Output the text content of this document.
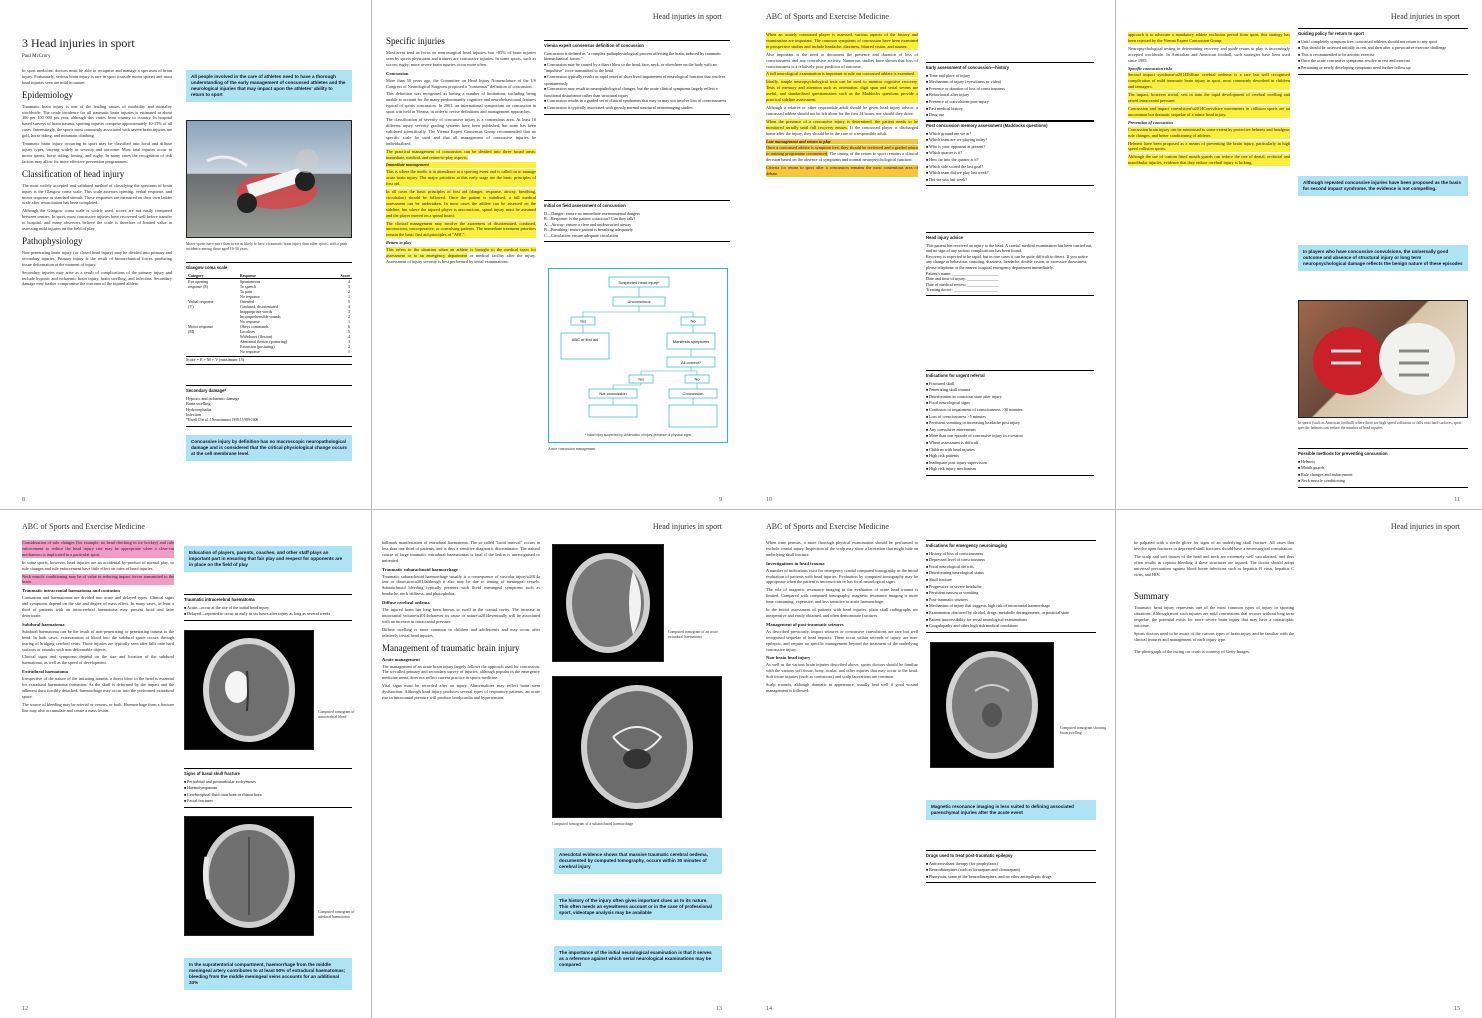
3 Head injuries in sport
Paul McCrory

In sport medicine, doctors must be able to recognise and manage a spectrum of brain injury. Fortunately, serious brain injury is rare in sport (outside motor sports) and most head injuries seen are mild in nature.

Epidemiology

Traumatic brain injury is one of the leading causes of morbidity and mortality worldwide. The crude incidence for all traumatic brain injuries is estimated at about 300 per 100 000 per year, although this varies from country to country. In hospital based surveys of brain trauma, sporting injuries comprise approximately 10-15% of all cases. Interestingly, the sports most commonly associated with severe brain injuries are golf, horse riding, and mountain climbing.

Traumatic brain injury occurring in sport may be classified into focal and diffuse injury types, varying widely in severity and outcome. Most fatal injuries occur in motor sports, horse riding, boxing, and rugby. In many cases the recognition of risk factors may allow for more effective prevention programmes.

Classification of head injury

The most widely accepted and validated method of classifying the spectrum of brain injury is the Glasgow coma scale. This scale assesses opening, verbal response, and motor response as standard stimuli. These responses are measured on their own ladder scale after resuscitation has been completed.

Although the Glasgow coma scale is widely used, scores are not easily compared between centres. In sport, most concussive injuries have recovered well before transfer to hospital, and many observers believe the scale is therefore of limited value in assessing mild injuries on the field of play.

Pathophysiology

Non-penetrating brain injury (or closed head injury) may be divided into primary and secondary injuries. Primary injury is the result of biomechanical forces producing tissue deformation at the moment of injury.

Secondary injuries may arise as a result of complications of the primary injury and include hypoxic and ischaemic brain injury, brain swelling, and infection. Secondary damage may further compromise the outcome of the injured athlete.

All people involved in the care of athletes need to have a thorough understanding of the early management of concussed athletes and the neurological injuries that may impact upon the athletes' ability to return to sport
Motor sports have more than twice as likely to have a traumatic brain injury than other sports, with a peak incidence among those aged 16-30 years.
Glasgow coma scale
Category	Response	Score
Eye opening	Spontaneous	4
response (E)	To speech	3
	To pain	2
	No response	1
Verbal response	Oriented	5
(V)	Confused, disorientated	4
	Inappropriate words	3
	Incomprehensible sounds	2
	No response	1
Motor response	Obeys commands	6
(M)	Localises	5
	Withdraws (flexion)	4
	Abnormal flexion (posturing)	3
	Extension (posturing)	2
	No response	1
Score = E + M + V (maximum 15)
Secondary damage*
Hypoxic and ischaemic damage
Brain swelling
Hydrocephalus
Infection
*Elwell D et al. J Neurotrauma 1998;15:989-1006
Concussive injury by definition has no macroscopic neuropathological damage and is considered that the critical physiological change occurs at the cell membrane level.
8
Head injuries in sport
Specific injuries

Most areas tend as focus on neurosurgical head injuries, but >85% of brain injuries seen by sports physicians and trainers are concussive injuries. In some sports, such as soccer, rugby, more severe brain injuries occur more often.

Concussion

More than 50 years ago, the Committee on Head Injury Nomenclature of the US Congress of Neurological Surgeons proposed a "consensus" definition of concussion.

This definition was recognised as having a number of limitations, including being unable to account for the many predominantly cognitive and neurobehavioural features typical of sports concussion. In 2001, an international symposium on concussion in sport was held in Vienna, in order to revise definitions and management approaches.

The classification of severity of concussive injury is a contentious area. At least 16 different injury severity grading systems have been published, but none has been validated scientifically. The Vienna Expert Consensus Group recommended that no specific scale be used and that all management of concussive injuries be individualised.

The practical management of concussion can be divided into three broad areas: immediate, medical, and return-to-play aspects.

Immediate management

This is where the medic is in attendance at a sporting event and is called on to manage acute brain injury. The major priorities at this early stage are the basic principles of first aid.

In all cases the basic principles of first aid (danger, response, airway, breathing, circulation) should be followed. Once the patient is stabilised, a full medical assessment can be undertaken. In most cases the athlete can be assessed on the sideline, but where the injured player is unconscious, spinal injury must be assumed and the player moved on a spinal board.

The clinical management may involve the awareness of disorientated, confused, unconscious, uncooperative, or convulsing patients. The immediate treatment priorities remain the basic first aid principles of "ABC".

Return to play

This refers to the situation when an athlete is brought to the medical team for assessment or to an emergency department or medical facility after the injury. Assessment of injury severity is best performed by serial examinations.

Vienna expert consensus definition of concussion

Concussion is defined as "a complex pathophysiological process affecting the brain, induced by traumatic biomechanical forces."

■ Concussion may be caused by a direct blow to the head, face, neck, or elsewhere on the body with an "impulsive" force transmitted to the head
■ Concussion typically results in rapid onset of short lived impairment of neurological function that resolves spontaneously
■ Concussion may result in neuropathological changes, but the acute clinical symptoms largely reflect a functional disturbance rather than structural injury
■ Concussion results in a graded set of clinical syndromes that may or may not involve loss of consciousness
■ Concussion is typically associated with grossly normal structural neuroimaging studies
Initial on field assessment of concussion
D—Danger: ensure no immediate environmental dangers
R—Response: is the patient conscious? Can they talk?
A—Airway: ensure a clear and unobstructed airway
B—Breathing: ensure patient is breathing adequately
C—Circulation: ensure adequate circulation
Suspected head injury*
Unconscious
Yes	No
ABC of first aid	Manifests symptoms
All correct?
Yes	No
Not concussion	Concussion
* Initial injury suspected by observation of injury, presence of physical signs
Acute concussion management
9
ABC of Sports and Exercise Medicine

When an acutely concussed player is assessed, various aspects of the history and examination are important. The common symptoms of concussion have been examined in prospective studies and include headache, dizziness, blurred vision, and nausea.

Also important is the need to document the presence and duration of loss of consciousness and any convulsive activity. Numerous studies have shown that loss of consciousness is a relatively poor predictor of outcome.

A full neurological examination is important to rule out concussed athlete is examined.

Ideally, simple neuropsychological tests can be used to monitor cognitive recovery. Tests of memory and attention such as orientation, digit span and serial sevens are useful, and standardised questionnaires such as the Maddocks questions provide a practical sideline assessment.

Although a relative or other responsible adult should be given head injury advice, a concussed athlete should not be left alone for the first 24 hours, nor should they drive.

When the presence of a concussive injury is determined, the patient needs to be monitored serially until full recovery ensues. If the concussed player is discharged home after the injury, they should be in the care of a responsible adult.

Late management and return to play

Once a concussed athlete is symptom free, they should be reviewed and a graded return to training programme commenced. The timing of the return to sport remains a clinical decision based on the absence of symptoms and normal neuropsychological function.

Criteria for return to sport after a concussion remains the most contentious area of debate.

Early assessment of concussion—history
■ Time and place of injury
■ Mechanism of injury (eyewitness or video)
■ Presence or duration of loss of consciousness
■ Behavioural after injury
■ Presence of convulsions post-injury
■ Past medical history
■ Drug use
Post concussion memory assessment (Maddocks questions)
■ Which ground are we at?
■ Which team are we playing today?
■ Who is your opponent at present?
■ Which quarter is it?
■ How far into the quarter is it?
■ Which side scored the last goal?
■ Which team did we play last week?
■ Did we win last week?
Head injury advice

This patient has received an injury to the head. A careful medical examination has been carried out, and no sign of any serious complications has been found.

Recovery is expected to be rapid, but in rare cases it can be quite difficult to detect. If you notice any change in behaviour, vomiting, dizziness, headache, double vision, or excessive drowsiness, please telephone or the nearest hospital emergency department immediately.

Patient's name: ______________________

Date and time of injury: _______________

Date of medical review: _______________

Treating doctor: _____________________

Indications for urgent referral
■ Fractured skull
■ Penetrating skull trauma
■ Deterioration in conscious state after injury
■ Focal neurological signs
■ Confusion or impairment of consciousness >30 minutes
■ Loss of consciousness >5 minutes
■ Persistent vomiting or increasing headache post injury
■ Any convulsive movements
■ More than one episode of concussive injury in a session
■ Where assessment is difficult
■ Children with head injuries
■ High risk patients
■ Inadequate post injury supervision
■ High risk injury mechanism
10
Head injuries in sport

approach is to advocate a mandatory athlete exclusion period from sport, this strategy has been rejected by the Vienna Expert Concussion Group.

Neuropsychological testing in determining recovery and guide return to play is increasingly accepted worldwide. In Australian and American football, such strategies have been used since 1985.

Specific concussion risks

Second impact syndrome\u2014Diffuse cerebral oedema is a rare but well recognised complication of mild traumatic brain injury in sport, most commonly described in children and teenagers.

The impact, however trivial, sets in train the rapid development of cerebral swelling and raised intracranial pressure.

Concussion and impact convulsions\u2014Convulsive movements in collision sports are an uncommon but dramatic sequelae of a minor head injury.

Prevention of concussion

Concussion brain injury can be minimised to some extent by protective helmets and headgear, rule changes, and better conditioning of athletes.

Helmets have been proposed as a means of preventing the brain injury, particularly in high speed collision sports.

Although the use of custom fitted mouth guards can reduce the rate of dental, orofacial and mandibular injuries, evidence that they reduce cerebral injury is lacking.

Guiding policy for return to sport
■ Until completely symptom free, concussed athletes should not return to any sport
■ This should be assessed initially as rest and then after a provocative exercise challenge
■ This is recommended to be aerobic exercise
■ Once the acute concussive symptoms resolve as rest and exercise
■ Pertaining or newly developing symptoms need further follow up
Although repeated concussive injuries have been proposed as the basis for second impact syndrome, the evidence is not compelling.
In players who have concussive convulsions, the universally good outcome and absence of structural injury or long term neuropsychological damage reflects the benign nature of these episodes
In sports (such as American football) where there are high speed collisions or falls onto hard surfaces, sport-specific helmets can reduce the number of head injuries
Possible methods for preventing concussion
■ Helmets
■ Mouth guards
■ Rule changes and enforcement
■ Neck muscle conditioning
11
ABC of Sports and Exercise Medicine

Consideration of rule changes (for example, no head checking in ice hockey) and rule enforcement to reduce the head injury rate may be appropriate when a clear-cut mechanism is implicated in a particular sport.

In some sports, however, head injuries are an accidental by-product of normal play, so rule changes and rule enforcement have little effect on rates of head injuries.

Neck muscle conditioning may be of value in reducing impact forces transmitted to the brain.

Traumatic intracranial haematoma and contusion

Contusions and haematomas are divided into acute and delayed types. Clinical signs and symptoms depend on the site and degree of mass effect. In many cases, at least a third of patients with an intracerebral haematoma may present lucid and later deteriorate.

Subdural haematoma

Subdural haematoma can be the result of non-penetrating or penetrating trauma to the head. In both cases, extravasation of blood into the subdural space occurs through tearing of bridging cerebral veins. Those injuries are typically seen after falls onto hard surfaces or assaults with non-deformable objects.

Clinical signs and symptoms depend on the size and location of the subdural haematoma, as well as the speed of development.

Extradural haematoma

Irrespective of the nature of the initiating trauma, a direct blow to the head is essential for extradural haematoma formation. As the skull is deformed by the impact and the adherent dura forcibly detached, haemorrhage may occur into the preformed extradural space.

The source of bleeding may be arterial or venous, or both. Haemorrhage from a fracture line may also accumulate and create a mass lesion.

Education of players, parents, coaches, and other staff plays an important part in ensuring that fair play and respect for opponents are in place on the field of play
Traumatic intracerebral haematoma
■ Acute—occur at the site of the initial head injury
■ Delayed—reported to occur as early as six hours after injury as long as several weeks
Computed tomogram of intracerebral bleed
Signs of basal skull fracture
■ Periorbital and postauricular ecchymoses
■ Haemotympanum
■ Cerebrospinal fluid otorrhoea or rhinorrhoea
■ Facial fractures
Computed tomogram of subdural haematoma
In the supratentorial compartment, haemorrhage from the middle meningeal artery contributes to at least 50% of extradural haematomas; bleeding from the middle meningeal veins accounts for an additional 33%
12
Head injuries in sport

hallmark manifestation of extradural haematoma. The so-called "lucid interval" occurs in less than one third of patients, and is thus a sensitive diagnostic discriminator. The natural course of large traumatic extradural haematomas is fatal if the lesion is unrecognised or untreated.

Traumatic subarachnoid haemorrhage

Traumatic subarachnoid haemorrhage usually is a consequence of vascular injury\u2014a tear or dissection\u2014although it also may be due to tearing of meningeal vessels. Subarachnoid bleeding typically presents with florid meningeal symptoms such as headache, neck stiffness, and photophobia.

Diffuse cerebral oedema

The injured brain has long been known to swell in the cranial cavity. The increase in intracranial volume\u2014whatever its cause or nature\u2014eventually will be associated with an increase in intracranial pressure.

Diffuse swelling is more common in children and adolescents and may occur after relatively trivial head injuries.

Management of traumatic brain injury
Acute management

The management of an acute brain injury largely follows the approach used for concussion. The so-called primary and secondary survey of injuries, although popular in the emergency medicine arena, does not reflect current practice in sports medicine.

Vital signs must be recorded after an injury. Abnormalities may reflect brain stem dysfunction. Although head injury produces several types of respiratory patterns, an acute rise in intracranial pressure will produce bradycardia and hypertension.

Computed tomogram of an acute extradural haematoma
Computed tomogram of a subarachnoid haemorrhage
Anecdotal evidence shows that massive traumatic cerebral oedema, documented by computed tomography, occurs within 30 minutes of cerebral injury
The history of the injury often gives important clues as to its nature. This often needs an eyewitness account or in the case of professional sport, videotape analysis may be available
The importance of the initial neurological examination is that it serves as a reference against which serial neurological examinations may be compared
13
ABC of Sports and Exercise Medicine

When time permits, a more thorough physical examination should be performed to exclude cranial injury. Inspection of the scalp may show a laceration that might hide an underlying skull fracture.

Investigations in head trauma

A number of indications exist for emergency cranial computed tomography in the initial evaluation of patients with head injuries. Evaluation by computed tomography may be appropriate when the patient is unconscious or has focal neurological signs.

The role of magnetic resonance imaging in the evaluation of acute head trauma is limited. Compared with computed tomography, magnetic resonance imaging is more time consuming, expensive, and less sensitive to acute haemorrhage.

In the initial assessment of patients with head injuries, plain skull radiographs are inexpensive and easily obtained, and often demonstrate fractures.

Management of post-traumatic seizures

As described previously, impact seizures or concussive convulsions are rare but well recognised sequelae of head impacts. These occur within seconds of injury, are non-epileptic, and require no specific management beyond the treatment of the underlying concussive injury.

Non-brain head injury

As well as the various brain injuries described above, sports doctors should be familiar with the various soft tissue, bony, ocular, and other injuries that may occur to the head. Soft tissue injuries (such as contusions) and scalp lacerations are common.

Scalp wounds, although dramatic in appearance, usually heal well if good wound management is followed.

Indications for emergency neuroimaging
■ History of loss of consciousness
■ Depressed level of consciousness
■ Focal neurological deficits
■ Deteriorating neurological status
■ Skull fracture
■ Progressive or severe headache
■ Persistent nausea or vomiting
■ Post-traumatic seizures
■ Mechanism of injury that suggests high risk of intracranial haemorrhage
■ Examination obscured by alcohol, drugs, metabolic derangements, or postictal state
■ Patient inaccessibility for serial neurological examinations
■ Coagulopathy and other high risk medical conditions
Computed tomogram showing brain swelling
Magnetic resonance imaging is less suited to defining associated parenchymal injuries after the acute event
Drugs used to treat post-traumatic epilepsy
■ Anticonvulsant therapy (for prophylaxis)
■ Benzodiazepines (such as lorazepam and clonazepam)
■ Phenytoin, some of the benzodiazepines, and no other antiepileptic drugs
14
Head injuries in sport

be palpated with a sterile glove for signs of an underlying skull fracture. All cases that involve open fractures or depressed skull fractures should have a neurosurgical consultation.

The scalp and soft tissues of the head and neck are extremely well vascularised, and thus often results in copious bleeding if these structures are injured. The doctor should adopt universal precautions against blood borne infections such as hepatitis B virus, hepatitis C virus, and HIV.

Summary

Traumatic head injury represents one of the most common types of injury in sporting situations. Although most such injuries are mild concussions that recover without long term sequelae, the potential exists for more severe brain injury that may have a catastrophic outcome.

Sports doctors need to be aware of the various types of brain injury and be familiar with the clinical features and management of each injury type.

The photograph of the racing car crash is courtesy of Getty Images.

15
